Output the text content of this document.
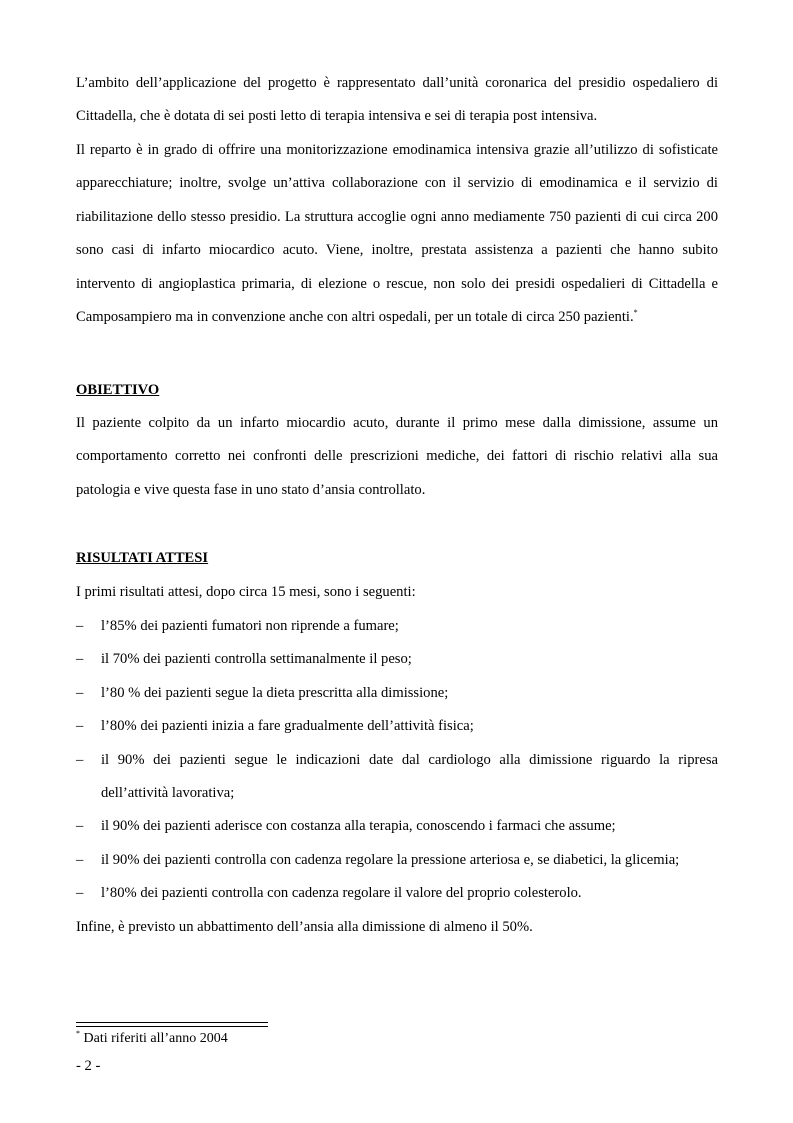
L’ambito dell’applicazione del progetto è rappresentato dall’unità coronarica del presidio ospedaliero di Cittadella, che è dotata di sei posti letto di terapia intensiva e sei di terapia post intensiva.

Il reparto è in grado di offrire una monitorizzazione emodinamica intensiva grazie all’utilizzo di sofisticate apparecchiature; inoltre, svolge un’attiva collaborazione con il servizio di emodinamica e il servizio di riabilitazione dello stesso presidio. La struttura accoglie ogni anno mediamente 750 pazienti di cui circa 200 sono casi di infarto miocardico acuto. Viene, inoltre, prestata assistenza a pazienti che hanno subito intervento di angioplastica primaria, di elezione o rescue, non solo dei presidi ospedalieri di Cittadella e Camposampiero ma in convenzione anche con altri ospedali, per un totale di circa 250 pazienti.*

OBIETTIVO

Il paziente colpito da un infarto miocardio acuto, durante il primo mese dalla dimissione, assume un comportamento corretto nei confronti delle prescrizioni mediche, dei fattori di rischio relativi alla sua patologia e vive questa fase in uno stato d’ansia controllato.

RISULTATI ATTESI

I primi risultati attesi, dopo circa 15 mesi, sono i seguenti:

– l’85% dei pazienti fumatori non riprende a fumare;
– il 70% dei pazienti controlla settimanalmente il peso;
– l’80 % dei pazienti segue la dieta prescritta alla dimissione;
– l’80% dei pazienti inizia a fare gradualmente dell’attività fisica;
– il 90% dei pazienti segue le indicazioni date dal cardiologo alla dimissione riguardo la ripresa dell’attività lavorativa;
– il 90% dei pazienti aderisce con costanza alla terapia, conoscendo i farmaci che assume;
– il 90% dei pazienti controlla con cadenza regolare la pressione arteriosa e, se diabetici, la glicemia;
– l’80% dei pazienti controlla con cadenza regolare il valore del proprio colesterolo.

Infine, è previsto un abbattimento dell’ansia alla dimissione di almeno il 50%.

* Dati riferiti all’anno 2004
- 2 -
